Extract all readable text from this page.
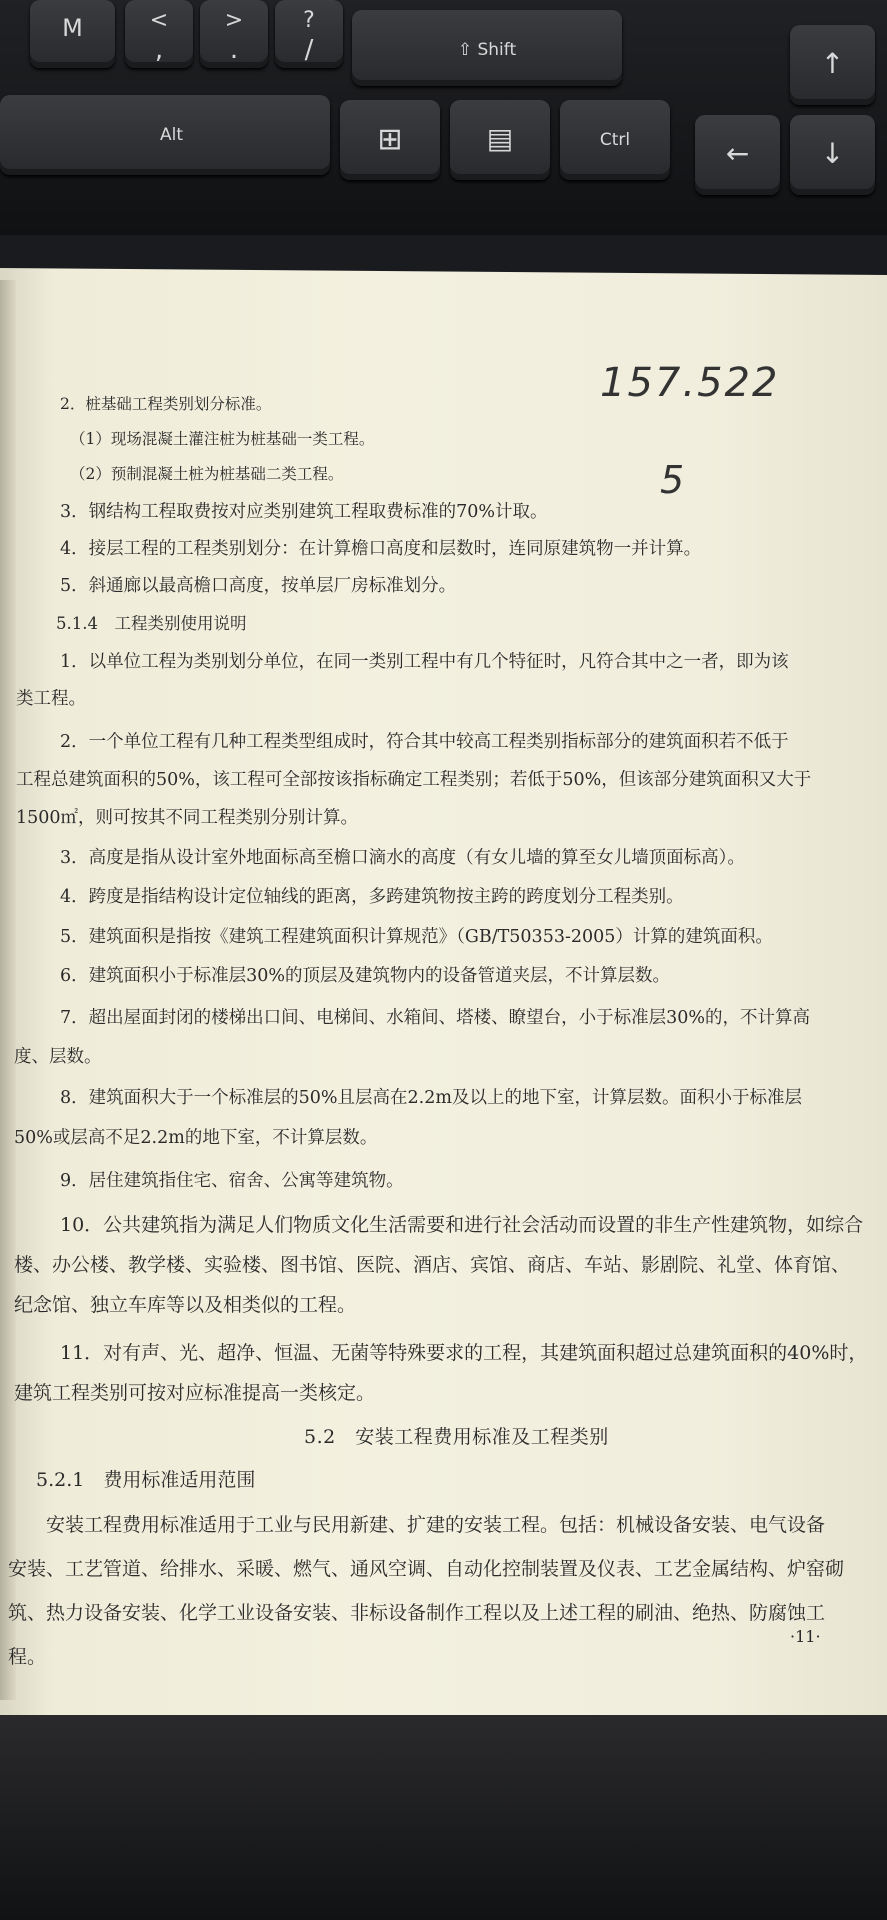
M	<
,
>
.
?
/	⇧ Shift	↑
Alt	⊞	▤	Ctrl	←	↓
157.522
5
2．桩基础工程类别划分标准。
（1）现场混凝土灌注桩为桩基础一类工程。
（2）预制混凝土桩为桩基础二类工程。
3．钢结构工程取费按对应类别建筑工程取费标准的70%计取。
4．接层工程的工程类别划分：在计算檐口高度和层数时，连同原建筑物一并计算。
5．斜通廊以最高檐口高度，按单层厂房标准划分。
5.1.4　工程类别使用说明
1．以单位工程为类别划分单位，在同一类别工程中有几个特征时，凡符合其中之一者，即为该
类工程。
2．一个单位工程有几种工程类型组成时，符合其中较高工程类别指标部分的建筑面积若不低于
工程总建筑面积的50%，该工程可全部按该指标确定工程类别；若低于50%，但该部分建筑面积又大于
1500㎡，则可按其不同工程类别分别计算。
3．高度是指从设计室外地面标高至檐口滴水的高度（有女儿墙的算至女儿墙顶面标高）。
4．跨度是指结构设计定位轴线的距离，多跨建筑物按主跨的跨度划分工程类别。
5．建筑面积是指按《建筑工程建筑面积计算规范》（GB/T50353-2005）计算的建筑面积。
6．建筑面积小于标准层30%的顶层及建筑物内的设备管道夹层，不计算层数。
7．超出屋面封闭的楼梯出口间、电梯间、水箱间、塔楼、瞭望台，小于标准层30%的，不计算高
度、层数。
8．建筑面积大于一个标准层的50%且层高在2.2m及以上的地下室，计算层数。面积小于标准层
50%或层高不足2.2m的地下室，不计算层数。
9．居住建筑指住宅、宿舍、公寓等建筑物。
10．公共建筑指为满足人们物质文化生活需要和进行社会活动而设置的非生产性建筑物，如综合
楼、办公楼、教学楼、实验楼、图书馆、医院、酒店、宾馆、商店、车站、影剧院、礼堂、体育馆、
纪念馆、独立车库等以及相类似的工程。
11．对有声、光、超净、恒温、无菌等特殊要求的工程，其建筑面积超过总建筑面积的40%时，
建筑工程类别可按对应标准提高一类核定。
5.2　安装工程费用标准及工程类别
5.2.1　费用标准适用范围
安装工程费用标准适用于工业与民用新建、扩建的安装工程。包括：机械设备安装、电气设备
安装、工艺管道、给排水、采暖、燃气、通风空调、自动化控制装置及仪表、工艺金属结构、炉窑砌
筑、热力设备安装、化学工业设备安装、非标设备制作工程以及上述工程的刷油、绝热、防腐蚀工
程。
·11·
